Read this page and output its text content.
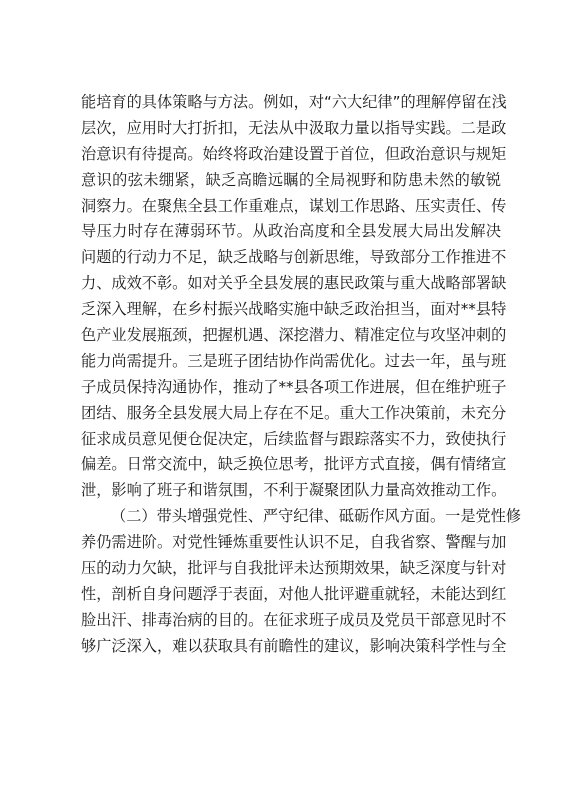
能培育的具体策略与方法。例如，对“六大纪律”的理解停留在浅
层次，应用时大打折扣，无法从中汲取力量以指导实践。二是政
治意识有待提高。始终将政治建设置于首位，但政治意识与规矩
意识的弦未绷紧，缺乏高瞻远瞩的全局视野和防患未然的敏锐
洞察力。在聚焦全县工作重难点，谋划工作思路、压实责任、传
导压力时存在薄弱环节。从政治高度和全县发展大局出发解决
问题的行动力不足，缺乏战略与创新思维，导致部分工作推进不
力、成效不彰。如对关乎全县发展的惠民政策与重大战略部署缺
乏深入理解，在乡村振兴战略实施中缺乏政治担当，面对**县特
色产业发展瓶颈，把握机遇、深挖潜力、精准定位与攻坚冲刺的
能力尚需提升。三是班子团结协作尚需优化。过去一年，虽与班
子成员保持沟通协作，推动了**县各项工作进展，但在维护班子
团结、服务全县发展大局上存在不足。重大工作决策前，未充分
征求成员意见便仓促决定，后续监督与跟踪落实不力，致使执行
偏差。日常交流中，缺乏换位思考，批评方式直接，偶有情绪宣
泄，影响了班子和谐氛围，不利于凝聚团队力量高效推动工作。
（二）带头增强党性、严守纪律、砥砺作风方面。一是党性修
养仍需进阶。对党性锤炼重要性认识不足，自我省察、警醒与加
压的动力欠缺，批评与自我批评未达预期效果，缺乏深度与针对
性，剖析自身问题浮于表面，对他人批评避重就轻，未能达到红
脸出汗、排毒治病的目的。在征求班子成员及党员干部意见时不
够广泛深入，难以获取具有前瞻性的建议，影响决策科学性与全
